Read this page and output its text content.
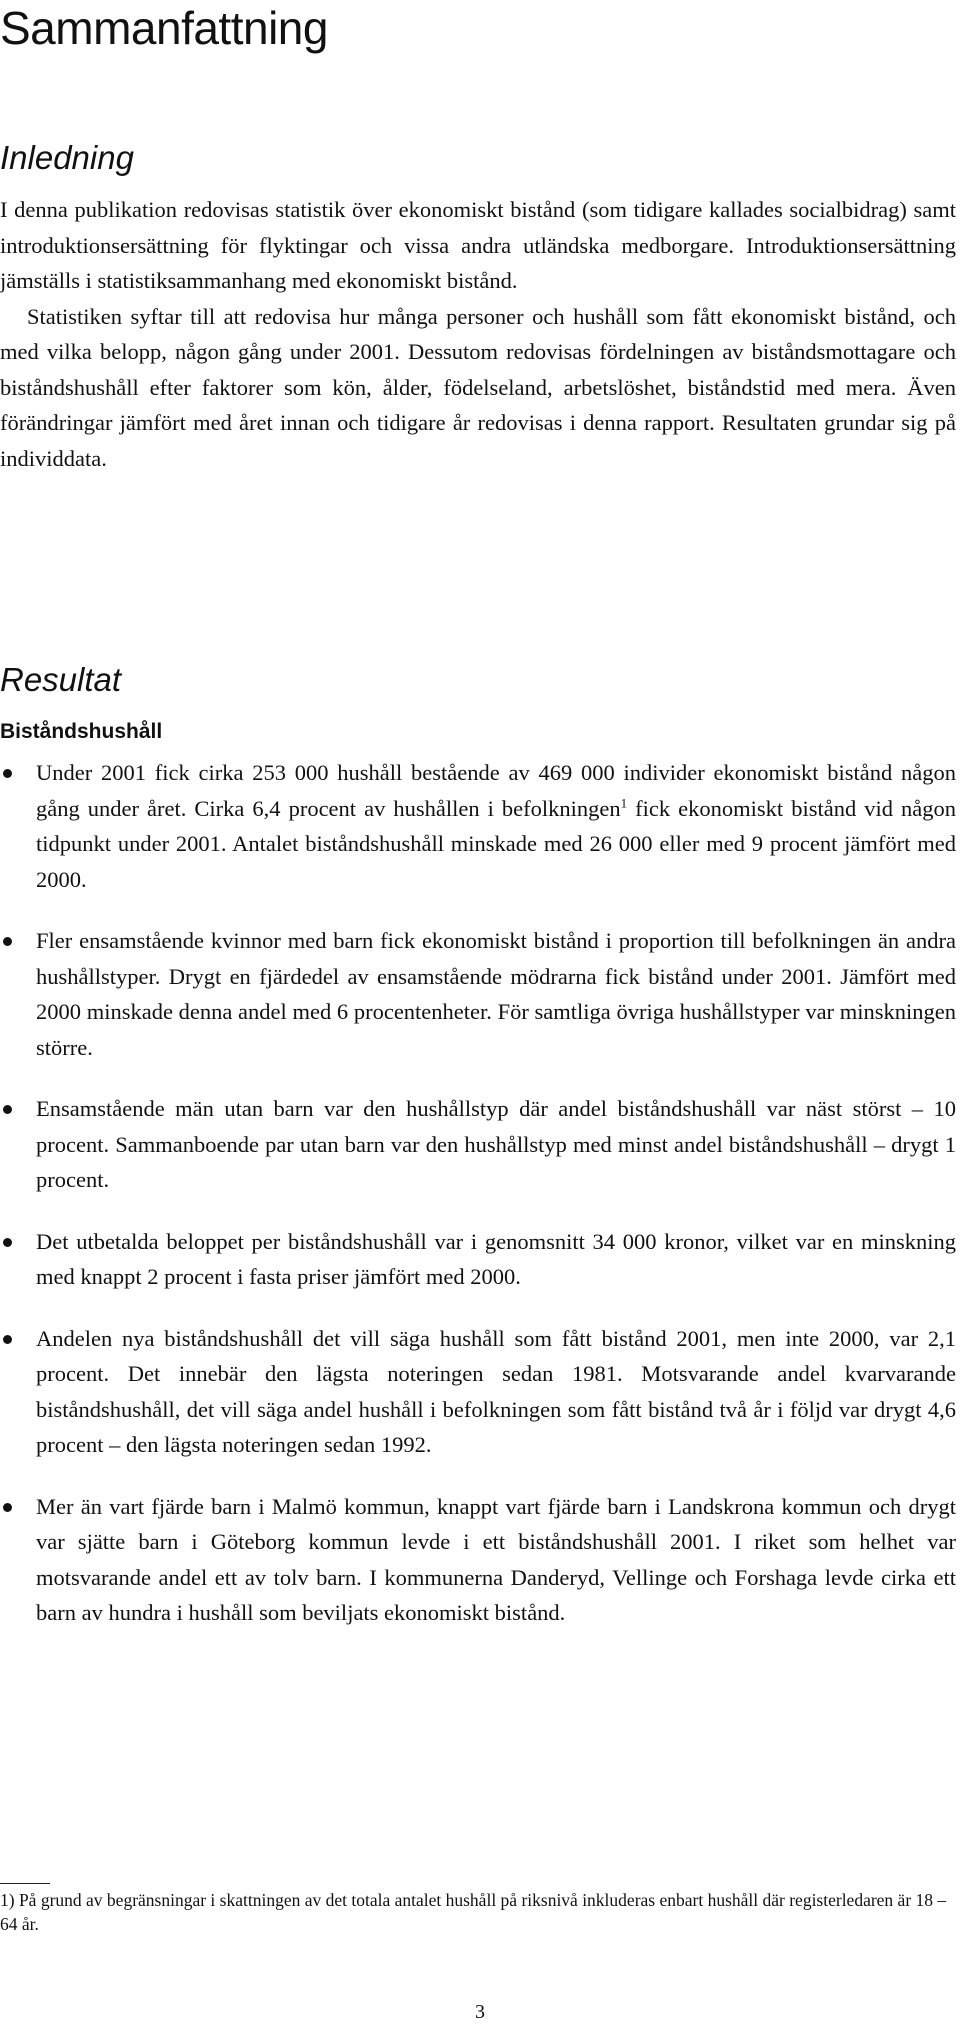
Sammanfattning
Inledning

I denna publikation redovisas statistik över ekonomiskt bistånd (som tidigare kallades socialbidrag) samt introduktionsersättning för flyktingar och vissa andra utländska medborgare. Introduktionsersättning jämställs i statistiksammanhang med ekonomiskt bistånd.

Statistiken syftar till att redovisa hur många personer och hushåll som fått ekonomiskt bistånd, och med vilka belopp, någon gång under 2001. Dessutom redovisas fördelningen av biståndsmottagare och biståndshushåll efter faktorer som kön, ålder, födelseland, arbetslöshet, biståndstid med mera. Även förändringar jämfört med året innan och tidigare år redovisas i denna rapport. Resultaten grundar sig på individdata.

Resultat
Biståndshushåll
Under 2001 fick cirka 253 000 hushåll bestående av 469 000 individer ekonomiskt bistånd någon gång under året. Cirka 6,4 procent av hushållen i befolkningen$^1$ fick ekonomiskt bistånd vid någon tidpunkt under 2001. Antalet biståndshushåll minskade med 26 000 eller med 9 procent jämfört med 2000.
Fler ensamstående kvinnor med barn fick ekonomiskt bistånd i proportion till befolkningen än andra hushållstyper. Drygt en fjärdedel av ensamstående mödrarna fick bistånd under 2001. Jämfört med 2000 minskade denna andel med 6 procentenheter. För samtliga övriga hushållstyper var minskningen större.
Ensamstående män utan barn var den hushållstyp där andel biståndshushåll var näst störst – 10 procent. Sammanboende par utan barn var den hushållstyp med minst andel biståndshushåll – drygt 1 procent.
Det utbetalda beloppet per biståndshushåll var i genomsnitt 34 000 kronor, vilket var en minskning med knappt 2 procent i fasta priser jämfört med 2000.
Andelen nya biståndshushåll det vill säga hushåll som fått bistånd 2001, men inte 2000, var 2,1 procent. Det innebär den lägsta noteringen sedan 1981. Motsvarande andel kvarvarande biståndshushåll, det vill säga andel hushåll i befolkningen som fått bistånd två år i följd var drygt 4,6 procent – den lägsta noteringen sedan 1992.
Mer än vart fjärde barn i Malmö kommun, knappt vart fjärde barn i Landskrona kommun och drygt var sjätte barn i Göteborg kommun levde i ett biståndshushåll 2001. I riket som helhet var motsvarande andel ett av tolv barn. I kommunerna Danderyd, Vellinge och Forshaga levde cirka ett barn av hundra i hushåll som beviljats ekonomiskt bistånd.

1) På grund av begränsningar i skattningen av det totala antalet hushåll på riksnivå inkluderas enbart hushåll där registerledaren är 18 – 64 år.

3
